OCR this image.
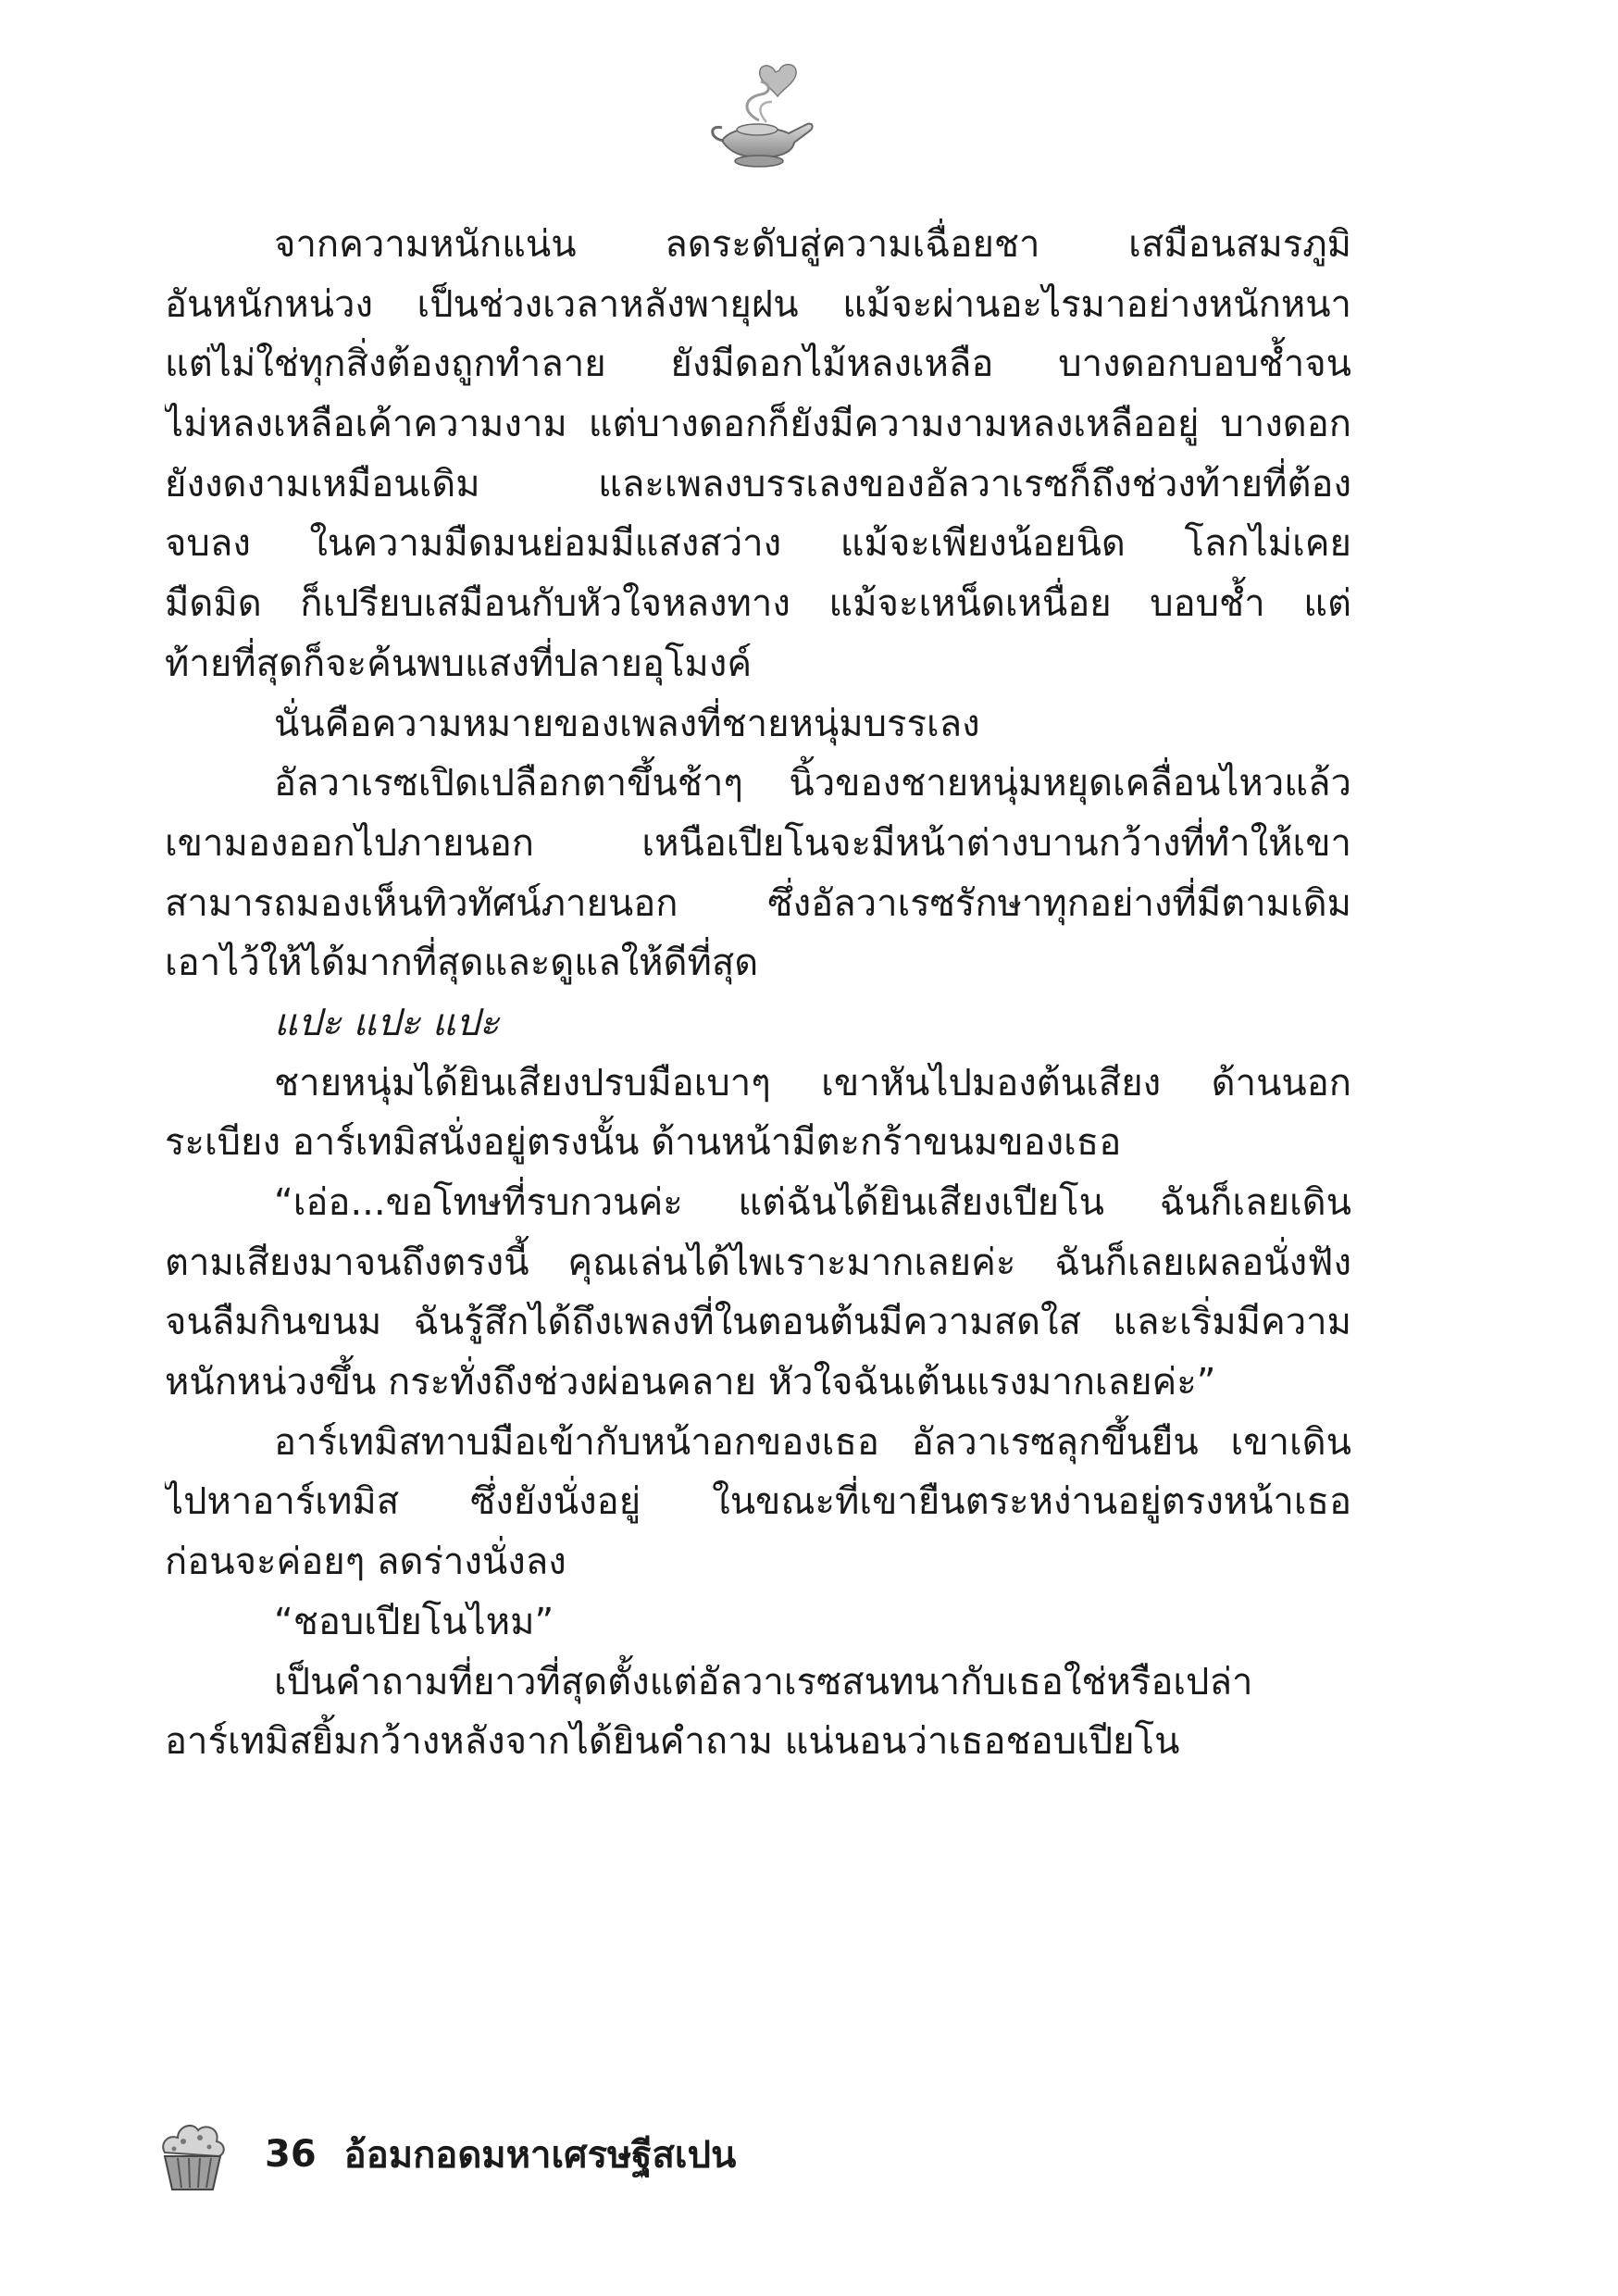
จากความหนักแน่น ลดระดับสู่ความเฉื่อยชา เสมือนสมรภูมิ
อันหนักหน่วง เป็นช่วงเวลาหลังพายุฝน แม้จะผ่านอะไรมาอย่างหนักหนา
แต่ไม่ใช่ทุกสิ่งต้องถูกทำลาย ยังมีดอกไม้หลงเหลือ บางดอกบอบช้ำจน
ไม่หลงเหลือเค้าความงาม แต่บางดอกก็ยังมีความงามหลงเหลืออยู่ บางดอก
ยังงดงามเหมือนเดิม และเพลงบรรเลงของอัลวาเรซก็ถึงช่วงท้ายที่ต้อง
จบลง ในความมืดมนย่อมมีแสงสว่าง แม้จะเพียงน้อยนิด โลกไม่เคย
มืดมิด ก็เปรียบเสมือนกับหัวใจหลงทาง แม้จะเหน็ดเหนื่อย บอบช้ำ แต่
ท้ายที่สุดก็จะค้นพบแสงที่ปลายอุโมงค์
นั่นคือความหมายของเพลงที่ชายหนุ่มบรรเลง
อัลวาเรซเปิดเปลือกตาขึ้นช้าๆ นิ้วของชายหนุ่มหยุดเคลื่อนไหวแล้ว
เขามองออกไปภายนอก เหนือเปียโนจะมีหน้าต่างบานกว้างที่ทำให้เขา
สามารถมองเห็นทิวทัศน์ภายนอก ซึ่งอัลวาเรซรักษาทุกอย่างที่มีตามเดิม
เอาไว้ให้ได้มากที่สุดและดูแลให้ดีที่สุด
แปะ แปะ แปะ
ชายหนุ่มได้ยินเสียงปรบมือเบาๆ เขาหันไปมองต้นเสียง ด้านนอก
ระเบียง อาร์เทมิสนั่งอยู่ตรงนั้น ด้านหน้ามีตะกร้าขนมของเธอ
“เอ่อ...ขอโทษที่รบกวนค่ะ แต่ฉันได้ยินเสียงเปียโน ฉันก็เลยเดิน
ตามเสียงมาจนถึงตรงนี้ คุณเล่นได้ไพเราะมากเลยค่ะ ฉันก็เลยเผลอนั่งฟัง
จนลืมกินขนม ฉันรู้สึกได้ถึงเพลงที่ในตอนต้นมีความสดใส และเริ่มมีความ
หนักหน่วงขึ้น กระทั่งถึงช่วงผ่อนคลาย หัวใจฉันเต้นแรงมากเลยค่ะ”
อาร์เทมิสทาบมือเข้ากับหน้าอกของเธอ อัลวาเรซลุกขึ้นยืน เขาเดิน
ไปหาอาร์เทมิส ซึ่งยังนั่งอยู่ ในขณะที่เขายืนตระหง่านอยู่ตรงหน้าเธอ
ก่อนจะค่อยๆ ลดร่างนั่งลง
“ชอบเปียโนไหม”
เป็นคำถามที่ยาวที่สุดตั้งแต่อัลวาเรซสนทนากับเธอใช่หรือเปล่า
อาร์เทมิสยิ้มกว้างหลังจากได้ยินคำถาม แน่นอนว่าเธอชอบเปียโน
36 อ้อมกอดมหาเศรษฐีสเปน
